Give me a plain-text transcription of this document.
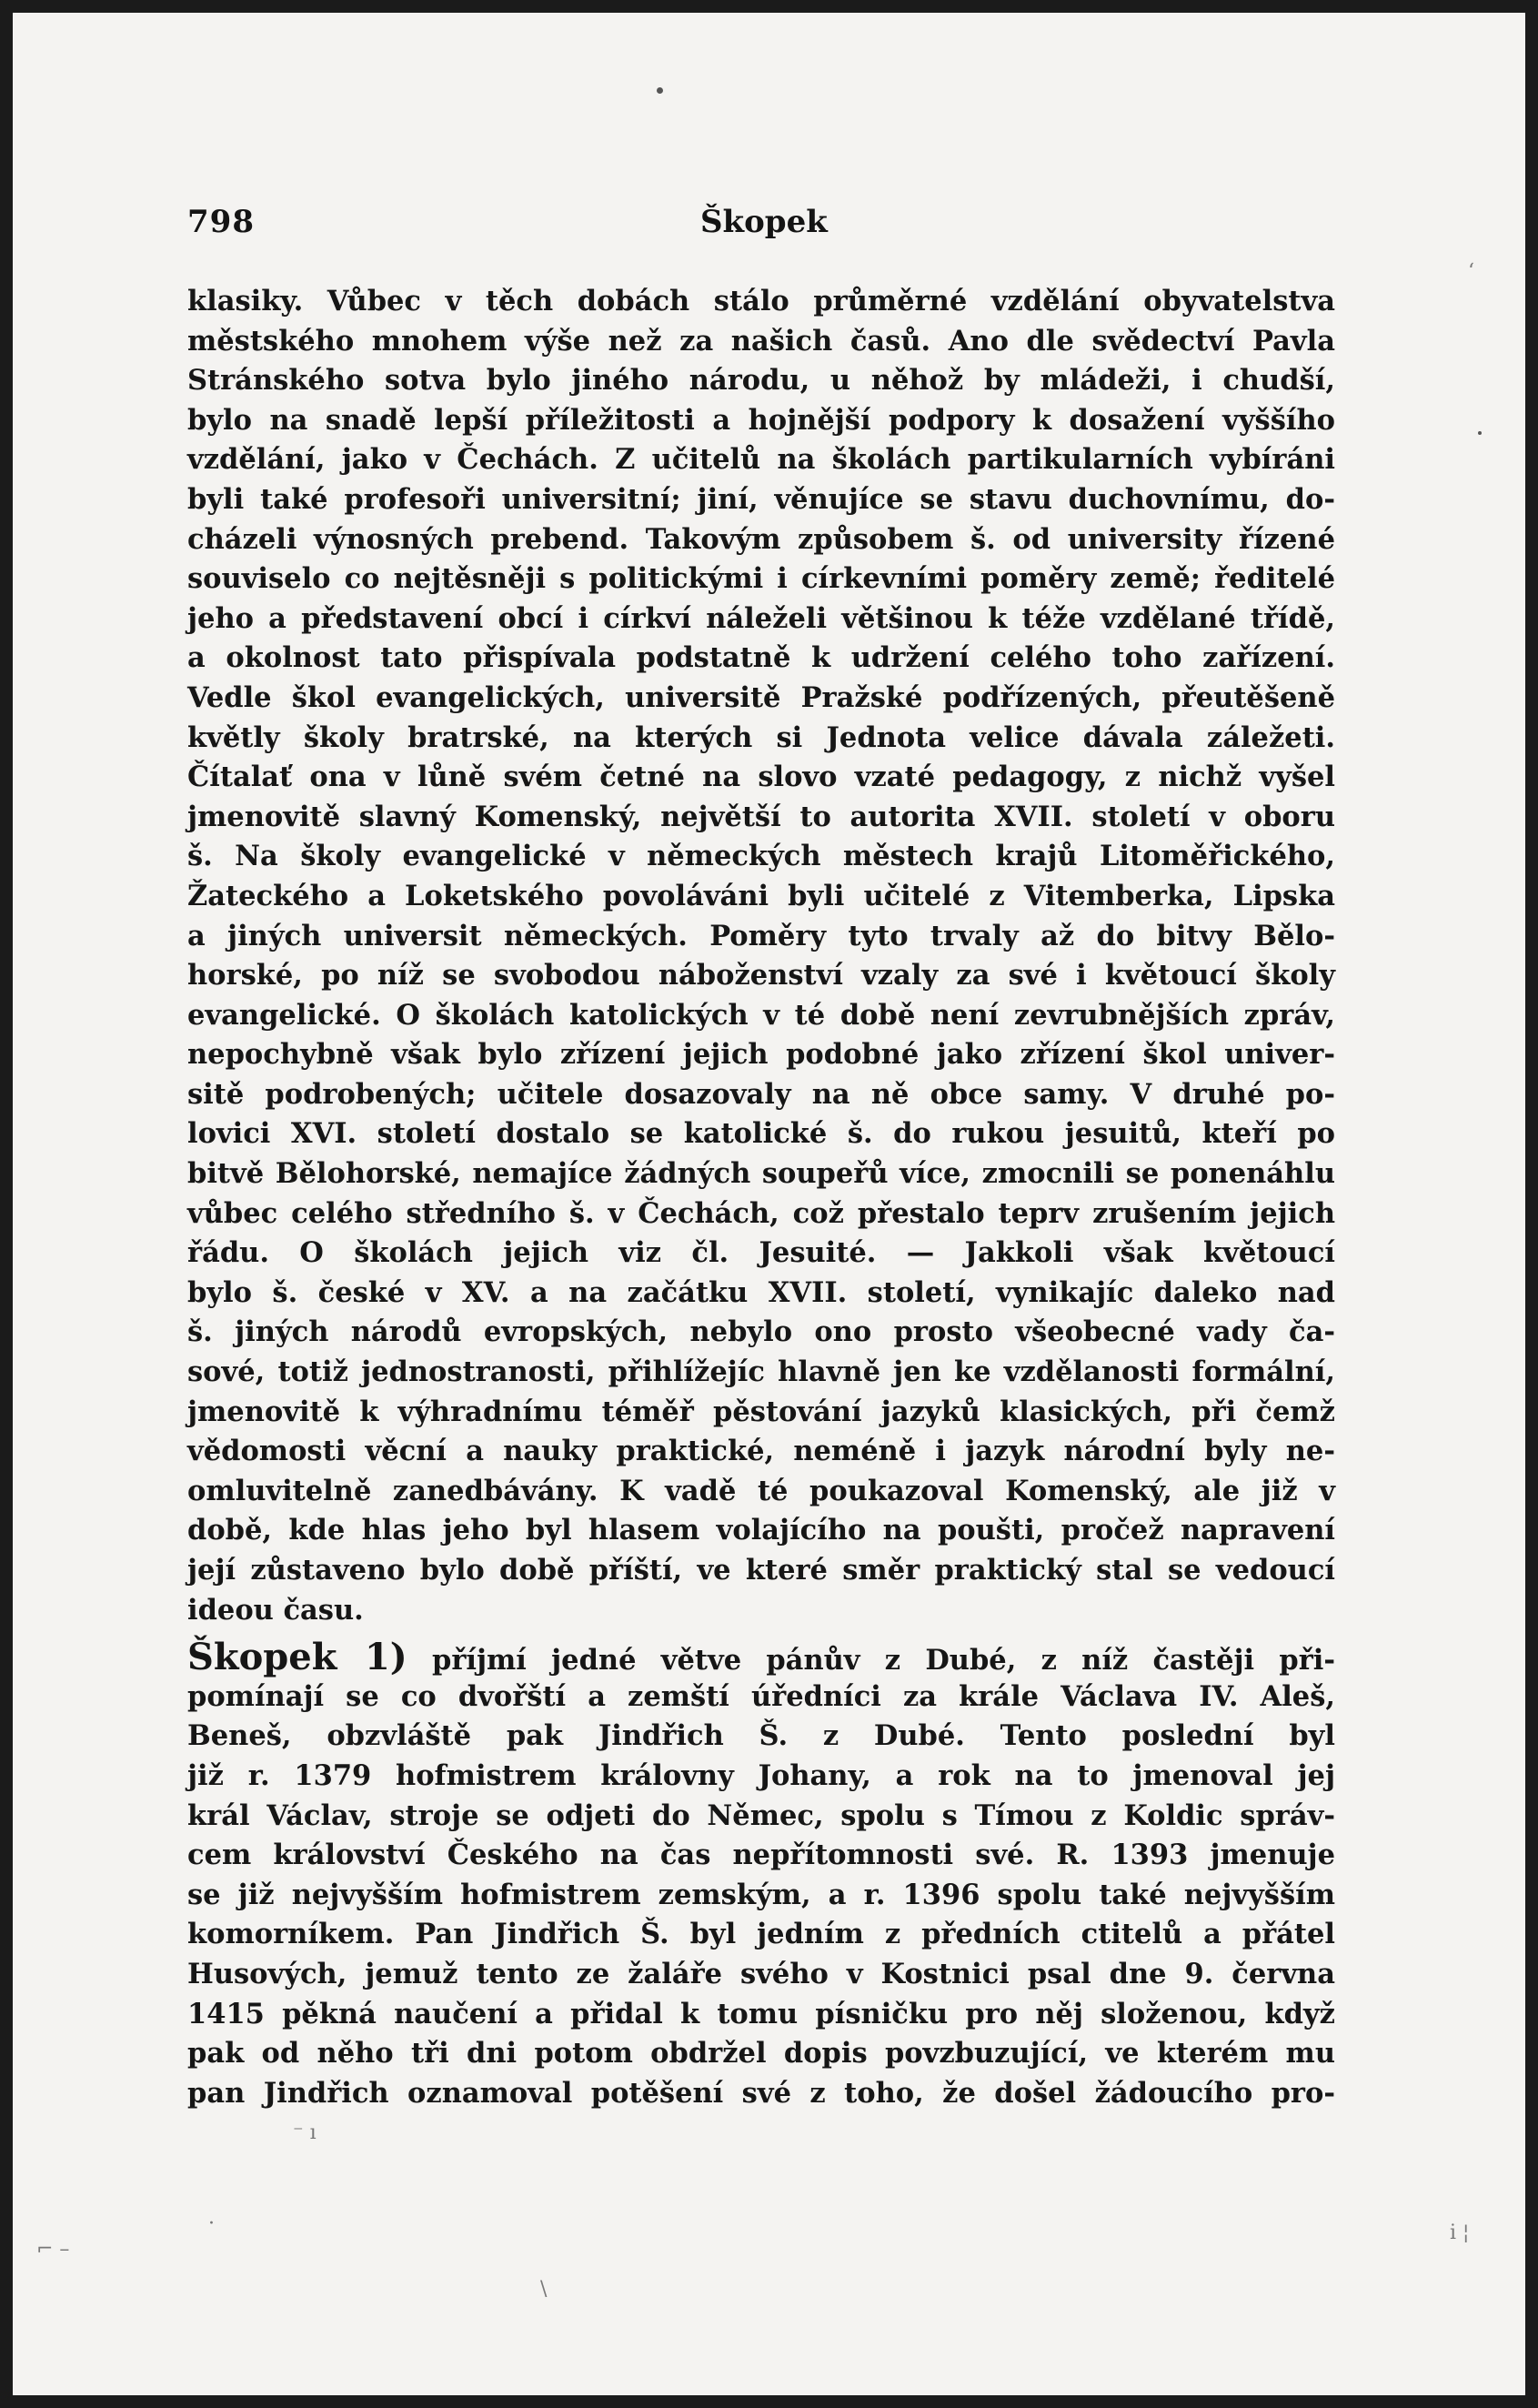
798	Škopek
klasiky. Vůbec v těch dobách stálo průměrné vzdělání obyvatelstva
městského mnohem výše než za našich časů. Ano dle svědectví Pavla
Stránského sotva bylo jiného národu, u něhož by mládeži, i chudší,
bylo na snadě lepší příležitosti a hojnější podpory k dosažení vyššího
vzdělání, jako v Čechách. Z učitelů na školách partikularních vybíráni
byli také profesoři universitní; jiní, věnujíce se stavu duchovnímu, do-
cházeli výnosných prebend. Takovým způsobem š. od university řízené
souviselo co nejtěsněji s politickými i církevními poměry země; ředitelé
jeho a představení obcí i církví náleželi většinou k téže vzdělané třídě,
a okolnost tato přispívala podstatně k udržení celého toho zařízení.
Vedle škol evangelických, universitě Pražské podřízených, přeutěšeně
květly školy bratrské, na kterých si Jednota velice dávala záležeti.
Čítalať ona v lůně svém četné na slovo vzaté pedagogy, z nichž vyšel
jmenovitě slavný Komenský, největší to autorita XVII. století v oboru
š. Na školy evangelické v německých městech krajů Litoměřického,
Žateckého a Loketského povoláváni byli učitelé z Vitemberka, Lipska
a jiných universit německých. Poměry tyto trvaly až do bitvy Bělo-
horské, po níž se svobodou náboženství vzaly za své i květoucí školy
evangelické. O školách katolických v té době není zevrubnějších zpráv,
nepochybně však bylo zřízení jejich podobné jako zřízení škol univer-
sitě podrobených; učitele dosazovaly na ně obce samy. V druhé po-
lovici XVI. století dostalo se katolické š. do rukou jesuitů, kteří po
bitvě Bělohorské, nemajíce žádných soupeřů více, zmocnili se ponenáhlu
vůbec celého středního š. v Čechách, což přestalo teprv zrušením jejich
řádu. O školách jejich viz čl. Jesuité. — Jakkoli však květoucí
bylo š. české v XV. a na začátku XVII. století, vynikajíc daleko nad
š. jiných národů evropských, nebylo ono prosto všeobecné vady ča-
sové, totiž jednostranosti, přihlížejíc hlavně jen ke vzdělanosti formální,
jmenovitě k výhradnímu téměř pěstování jazyků klasických, při čemž
vědomosti věcní a nauky praktické, neméně i jazyk národní byly ne-
omluvitelně zanedbávány. K vadě té poukazoval Komenský, ale již v
době, kde hlas jeho byl hlasem volajícího na poušti, pročež napravení
její zůstaveno bylo době příští, ve které směr praktický stal se vedoucí
ideou času.
Škopek 1) příjmí jedné větve pánův z Dubé, z níž častěji při-
pomínají se co dvořští a zemští úředníci za krále Václava IV. Aleš,
Beneš, obzvláště pak Jindřich Š. z Dubé. Tento poslední byl
již r. 1379 hofmistrem královny Johany, a rok na to jmenoval jej
král Václav, stroje se odjeti do Němec, spolu s Tímou z Koldic správ-
cem království Českého na čas nepřítomnosti své. R. 1393 jmenuje
se již nejvyšším hofmistrem zemským, a r. 1396 spolu také nejvyšším
komorníkem. Pan Jindřich Š. byl jedním z předních ctitelů a přátel
Husových, jemuž tento ze žaláře svého v Kostnici psal dne 9. června
1415 pěkná naučení a přidal k tomu písničku pro něj složenou, když
pak od něho tři dni potom obdržel dopis povzbuzující, ve kterém mu
pan Jindřich oznamoval potěšení své z toho, že došel žádoucího pro-
ʻ
⁻ ı
·
⌐ –
\
i ¦
